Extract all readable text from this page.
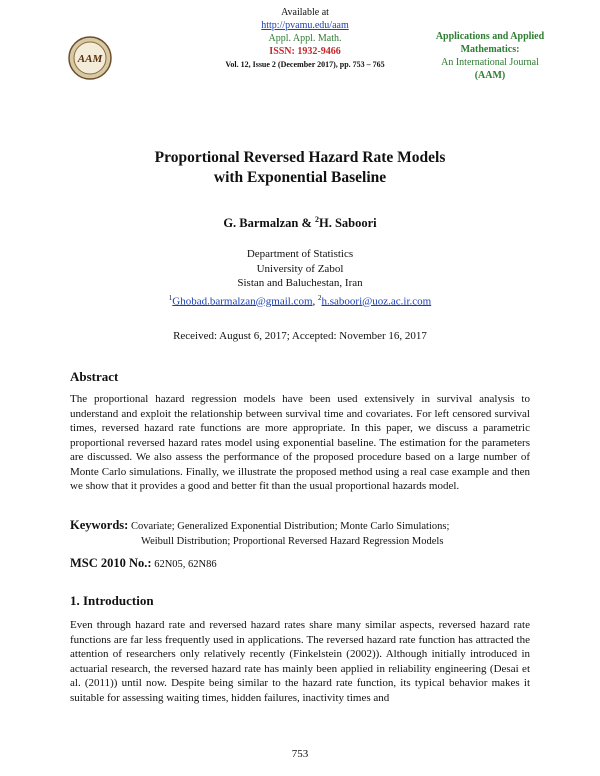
AAM
Available at
http://pvamu.edu/aam
Appl. Appl. Math.
ISSN: 1932-9466
Vol. 12, Issue 2 (December 2017), pp. 753 – 765
Applications and Applied
Mathematics:
An International Journal
(AAM)
Proportional Reversed Hazard Rate Models
with Exponential Baseline
G. Barmalzan & $^2$H. Saboori
Department of Statistics
University of Zabol
Sistan and Baluchestan, Iran
$^1$Ghobad.barmalzan@gmail.com, $^2$h.saboori@uoz.ac.ir.com
Received: August 6, 2017; Accepted: November 16, 2017
Abstract
The proportional hazard regression models have been used extensively in survival analysis to understand and exploit the relationship between survival time and covariates. For left censored survival times, reversed hazard rate functions are more appropriate. In this paper, we discuss a parametric proportional reversed hazard rates model using exponential baseline. The estimation for the parameters are discussed. We also assess the performance of the proposed procedure based on a large number of Monte Carlo simulations. Finally, we illustrate the proposed method using a real case example and then we show that it provides a good and better fit than the usual proportional hazards model.
Keywords: Covariate; Generalized Exponential Distribution; Monte Carlo Simulations;
Weibull Distribution; Proportional Reversed Hazard Regression Models
MSC 2010 No.: 62N05, 62N86
1. Introduction
Even through hazard rate and reversed hazard rates share many similar aspects, reversed hazard rate functions are far less frequently used in applications. The reversed hazard rate function has attracted the attention of researchers only relatively recently (Finkelstein (2002)). Although initially introduced in actuarial research, the reversed hazard rate has mainly been applied in reliability engineering (Desai et al. (2011)) until now. Despite being similar to the hazard rate function, its typical behavior makes it suitable for assessing waiting times, hidden failures, inactivity times and
753
